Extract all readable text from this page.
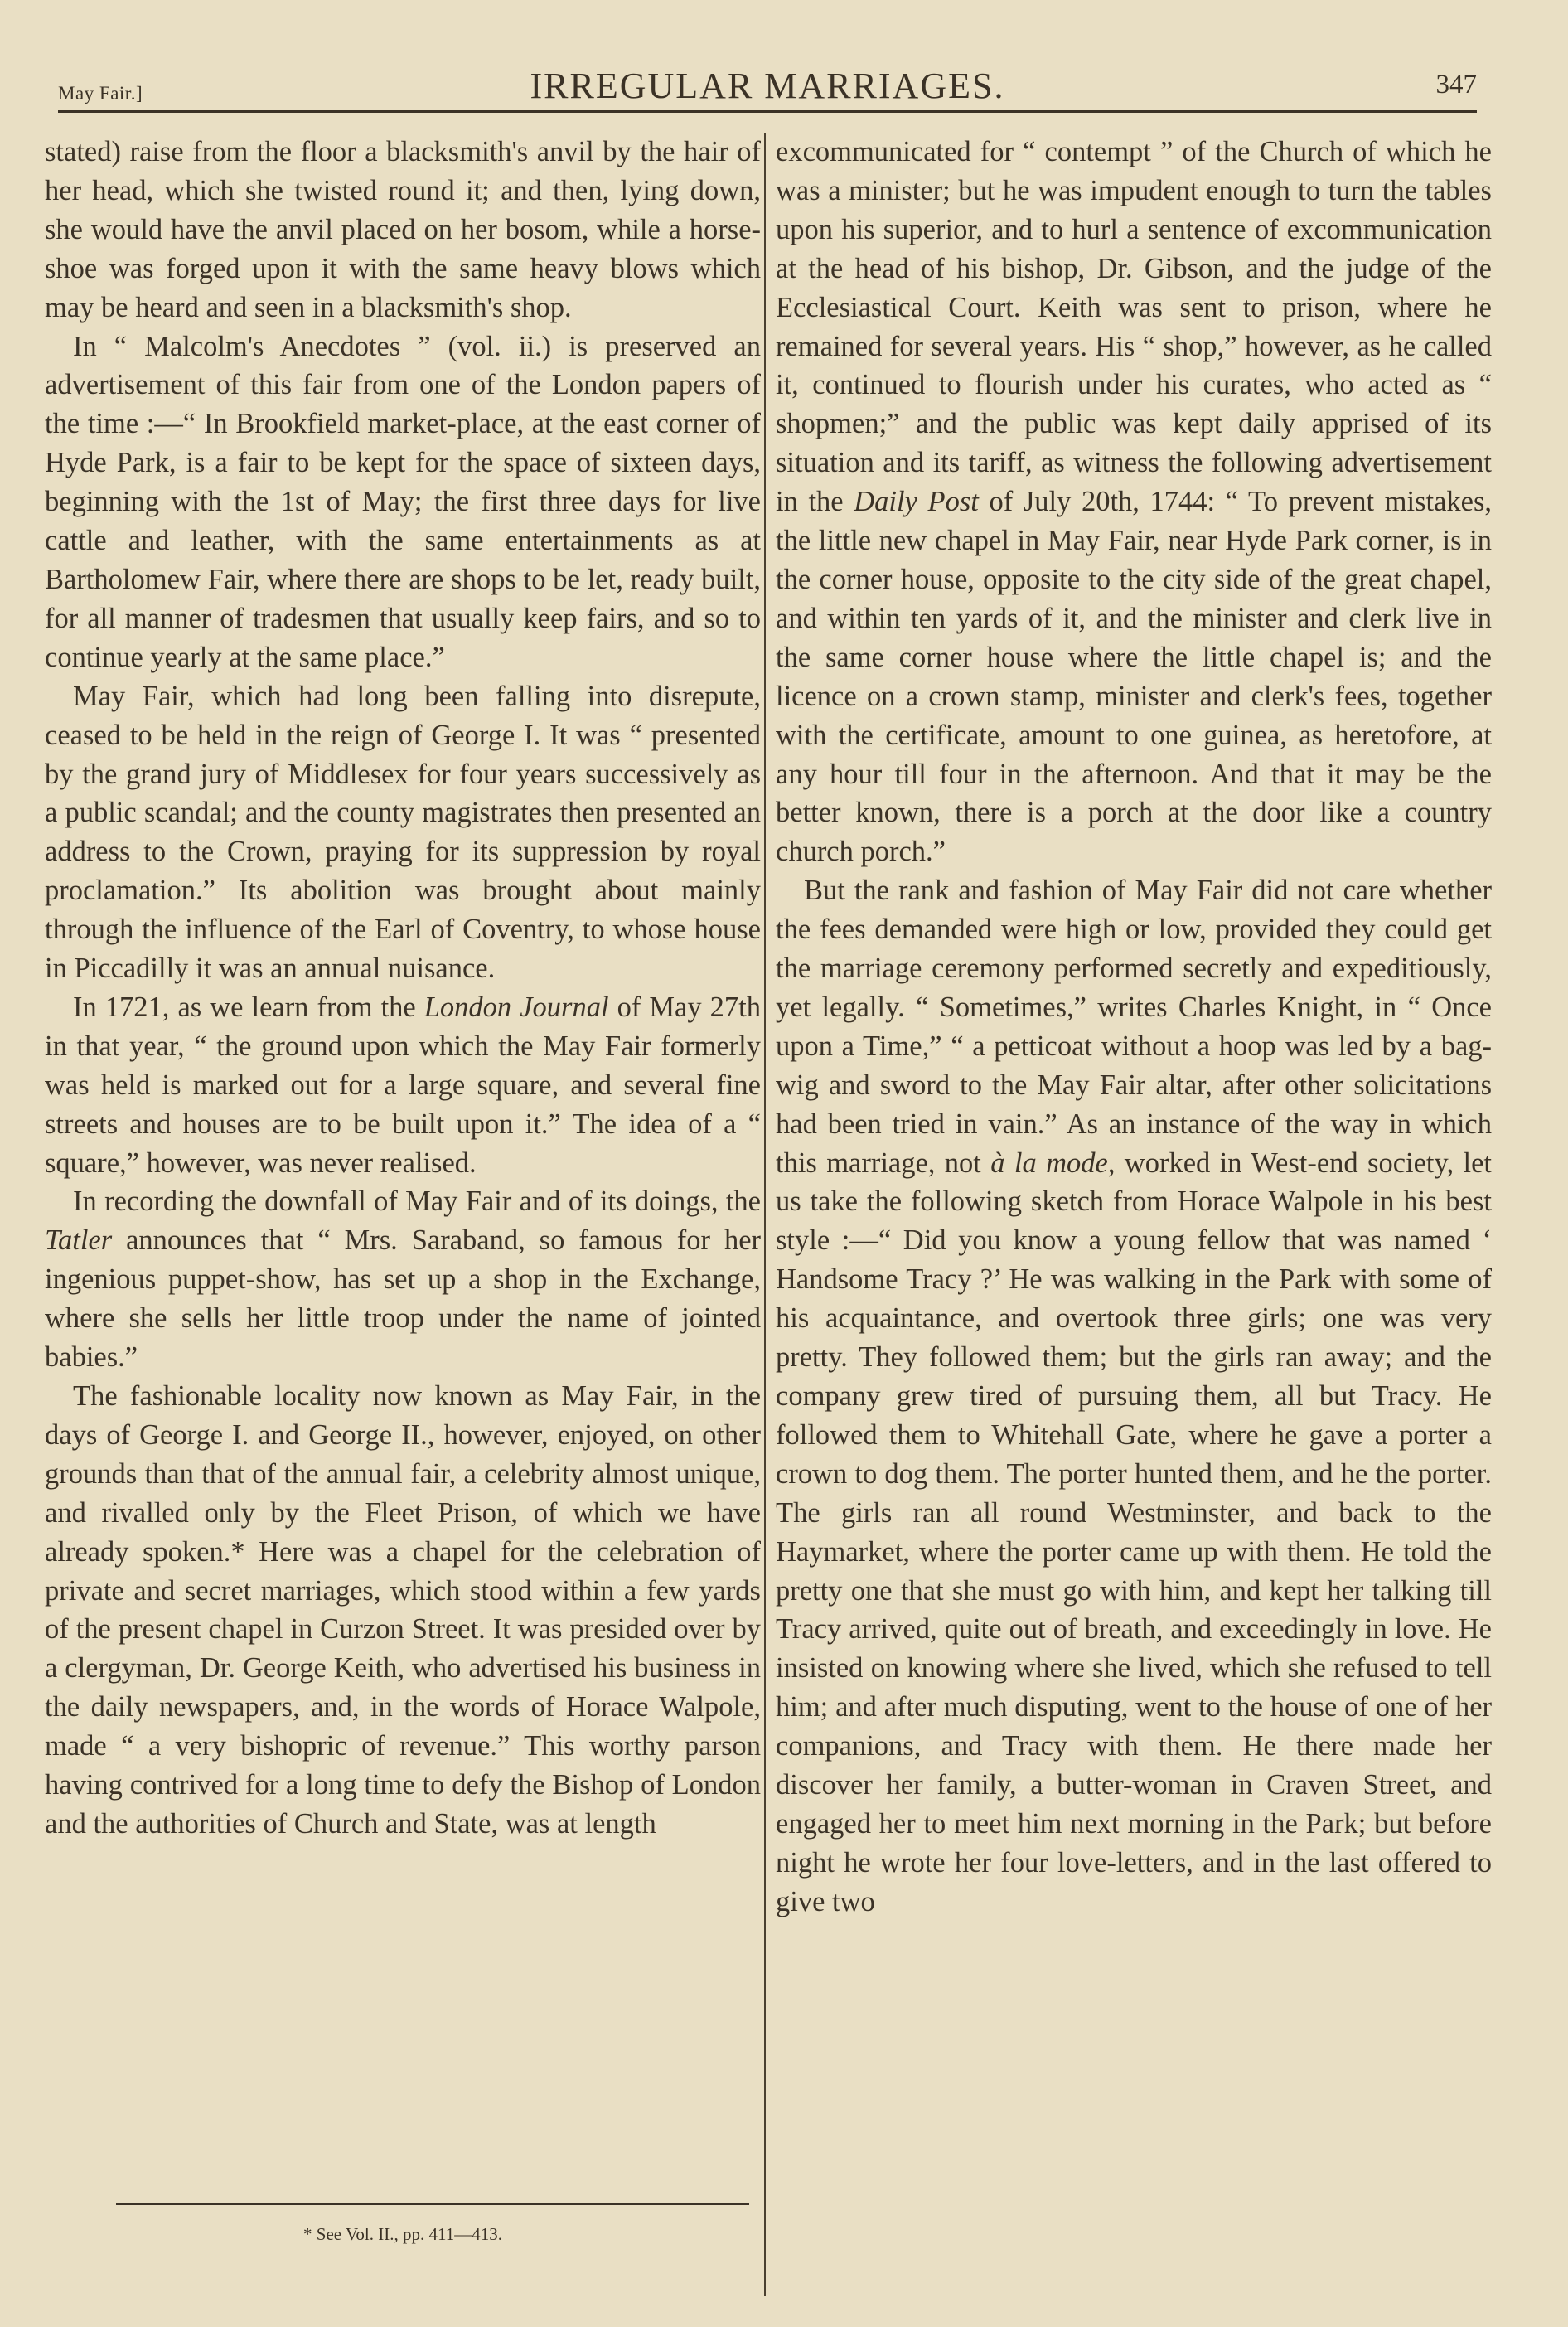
May Fair.]	IRREGULAR MARRIAGES.	347

stated) raise from the floor a blacksmith's anvil by the hair of her head, which she twisted round it; and then, lying down, she would have the anvil placed on her bosom, while a horse-shoe was forged upon it with the same heavy blows which may be heard and seen in a blacksmith's shop.

In “ Malcolm's Anecdotes ” (vol. ii.) is preserved an advertisement of this fair from one of the London papers of the time :—“ In Brookfield market-place, at the east corner of Hyde Park, is a fair to be kept for the space of sixteen days, beginning with the 1st of May; the first three days for live cattle and leather, with the same entertainments as at Bartholomew Fair, where there are shops to be let, ready built, for all manner of tradesmen that usually keep fairs, and so to continue yearly at the same place.”

May Fair, which had long been falling into disrepute, ceased to be held in the reign of George I. It was “ presented by the grand jury of Middlesex for four years successively as a public scandal; and the county magistrates then presented an address to the Crown, praying for its suppression by royal proclamation.” Its abolition was brought about mainly through the influence of the Earl of Coventry, to whose house in Piccadilly it was an annual nuisance.

In 1721, as we learn from the London Journal of May 27th in that year, “ the ground upon which the May Fair formerly was held is marked out for a large square, and several fine streets and houses are to be built upon it.” The idea of a “ square,” however, was never realised.

In recording the downfall of May Fair and of its doings, the Tatler announces that “ Mrs. Saraband, so famous for her ingenious puppet-show, has set up a shop in the Exchange, where she sells her little troop under the name of jointed babies.”

The fashionable locality now known as May Fair, in the days of George I. and George II., however, enjoyed, on other grounds than that of the annual fair, a celebrity almost unique, and rivalled only by the Fleet Prison, of which we have already spoken.* Here was a chapel for the celebration of private and secret marriages, which stood within a few yards of the present chapel in Curzon Street. It was presided over by a clergyman, Dr. George Keith, who advertised his business in the daily newspapers, and, in the words of Horace Walpole, made “ a very bishopric of revenue.” This worthy parson having contrived for a long time to defy the Bishop of London and the authorities of Church and State, was at length

excommunicated for “ contempt ” of the Church of which he was a minister; but he was impudent enough to turn the tables upon his superior, and to hurl a sentence of excommunication at the head of his bishop, Dr. Gibson, and the judge of the Ecclesiastical Court. Keith was sent to prison, where he remained for several years. His “ shop,” however, as he called it, continued to flourish under his curates, who acted as “ shopmen;” and the public was kept daily apprised of its situation and its tariff, as witness the following advertisement in the Daily Post of July 20th, 1744: “ To prevent mistakes, the little new chapel in May Fair, near Hyde Park corner, is in the corner house, opposite to the city side of the great chapel, and within ten yards of it, and the minister and clerk live in the same corner house where the little chapel is; and the licence on a crown stamp, minister and clerk's fees, together with the certificate, amount to one guinea, as heretofore, at any hour till four in the afternoon. And that it may be the better known, there is a porch at the door like a country church porch.”

But the rank and fashion of May Fair did not care whether the fees demanded were high or low, provided they could get the marriage ceremony performed secretly and expeditiously, yet legally. “ Sometimes,” writes Charles Knight, in “ Once upon a Time,” “ a petticoat without a hoop was led by a bag-wig and sword to the May Fair altar, after other solicitations had been tried in vain.” As an instance of the way in which this marriage, not à la mode, worked in West-end society, let us take the following sketch from Horace Walpole in his best style :—“ Did you know a young fellow that was named ‘ Handsome Tracy ?’ He was walking in the Park with some of his acquaintance, and overtook three girls; one was very pretty. They followed them; but the girls ran away; and the company grew tired of pursuing them, all but Tracy. He followed them to Whitehall Gate, where he gave a porter a crown to dog them. The porter hunted them, and he the porter. The girls ran all round Westminster, and back to the Haymarket, where the porter came up with them. He told the pretty one that she must go with him, and kept her talking till Tracy arrived, quite out of breath, and exceedingly in love. He insisted on knowing where she lived, which she refused to tell him; and after much disputing, went to the house of one of her companions, and Tracy with them. He there made her discover her family, a butter-woman in Craven Street, and engaged her to meet him next morning in the Park; but before night he wrote her four love-letters, and in the last offered to give two

* See Vol. II., pp. 411—413.
